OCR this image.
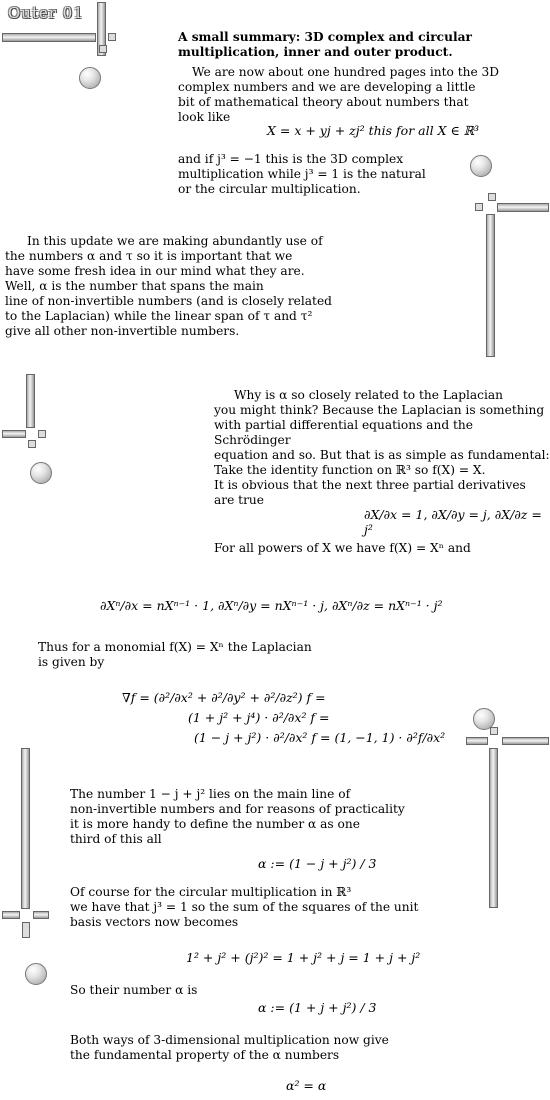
Outer 01
A small summary: 3D complex and circular multiplication, inner and outer product.
We are now about one hundred pages into the 3D
complex numbers and we are developing a little
bit of mathematical theory about numbers that
look like
X = x + yj + zj² this for all X ∈ ℝ³
and if j³ = −1 this is the 3D complex
multiplication while j³ = 1 is the natural
or the circular multiplication.
In this update we are making abundantly use of
the numbers α and τ so it is important that we
have some fresh idea in our mind what they are.
Well, α is the number that spans the main
line of non-invertible numbers (and is closely related
to the Laplacian) while the linear span of τ and τ²
give all other non-invertible numbers.
Why is α so closely related to the Laplacian
you might think? Because the Laplacian is something
with partial differential equations and the Schrödinger
equation and so. But that is as simple as fundamental:
Take the identity function on ℝ³ so f(X) = X.
It is obvious that the next three partial derivatives
are true
∂X/∂x = 1, ∂X/∂y = j, ∂X/∂z = j²
For all powers of X we have f(X) = Xⁿ and
∂Xⁿ/∂x = nXⁿ⁻¹ · 1, ∂Xⁿ/∂y = nXⁿ⁻¹ · j, ∂Xⁿ/∂z = nXⁿ⁻¹ · j²
Thus for a monomial f(X) = Xⁿ the Laplacian
is given by
∇f = (∂²/∂x² + ∂²/∂y² + ∂²/∂z²) f =
(1 + j² + j⁴) · ∂²/∂x² f =
(1 − j + j²) · ∂²/∂x² f = (1, −1, 1) · ∂²f/∂x²
The number 1 − j + j² lies on the main line of
non-invertible numbers and for reasons of practicality
it is more handy to define the number α as one
third of this all
α := (1 − j + j²) / 3
Of course for the circular multiplication in ℝ³
we have that j³ = 1 so the sum of the squares of the unit
basis vectors now becomes
1² + j² + (j²)² = 1 + j² + j = 1 + j + j²
So their number α is
α := (1 + j + j²) / 3
Both ways of 3-dimensional multiplication now give
the fundamental property of the α numbers
α² = α
